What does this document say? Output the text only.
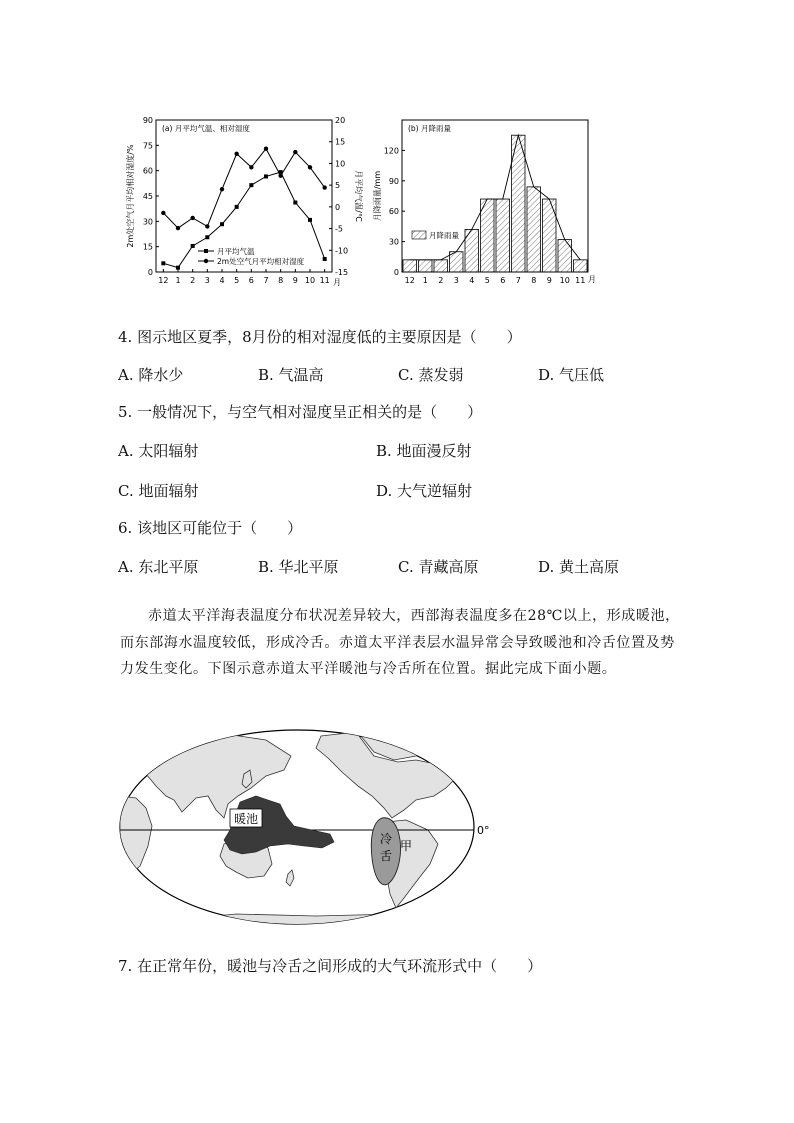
(a) 月平均气温、相对湿度
2m处空气月平均相对湿度/%	月平均气温/℃
月
0
15
30
45
60
75
90
-15
-10
-5
0
5
10
15
20
12 1 2 3 4 5 6 7 8 9 10 11
月平均气温
2m处空气月平均相对湿度
(b) 月降雨量
月降雨量/mm
月
0
30
60
90
120
12 1 2 3 4 5 6 7 8 9 10 11
月降雨量
4. 图示地区夏季，8月份的相对湿度低的主要原因是（ ）
A. 降水少	B. 气温高	C. 蒸发弱	D. 气压低
5. 一般情况下，与空气相对湿度呈正相关的是（ ）
A. 太阳辐射	B. 地面漫反射
C. 地面辐射	D. 大气逆辐射
6. 该地区可能位于（ ）
A. 东北平原	B. 华北平原	C. 青藏高原	D. 黄土高原
赤道太平洋海表温度分布状况差异较大，西部海表温度多在28℃以上，形成暖池，而东部海水温度较低，形成冷舌。赤道太平洋表层水温异常会导致暖池和冷舌位置及势力发生变化。下图示意赤道太平洋暖池与冷舌所在位置。据此完成下面小题。
0°
暖池
冷
舌
甲
7. 在正常年份，暖池与冷舌之间形成的大气环流形式中（ ）
